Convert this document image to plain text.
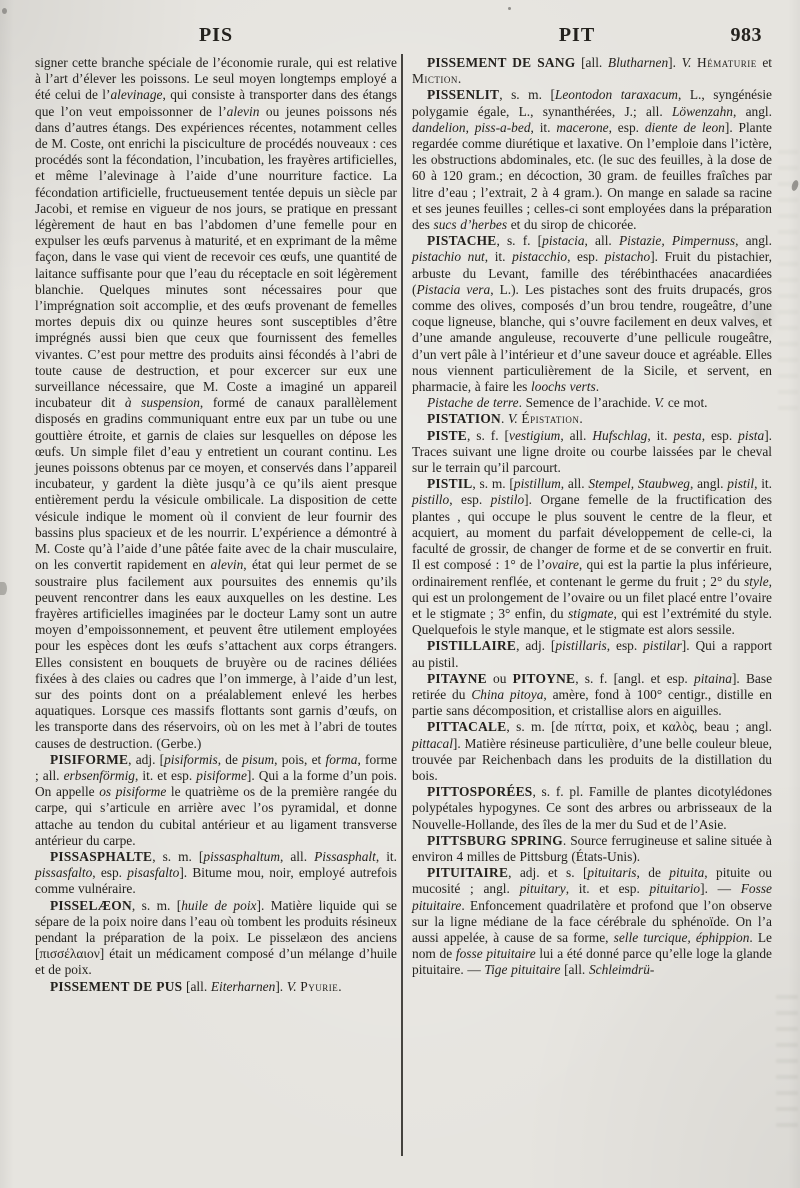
PIS	PIT	983

signer cette branche spéciale de l’économie rurale, qui est relative à l’art d’élever les poissons. Le seul moyen longtemps employé a été celui de l’alevinage, qui consiste à transporter dans des étangs que l’on veut empoissonner de l’alevin ou jeunes poissons nés dans d’autres étangs. Des expériences récentes, notamment celles de M. Coste, ont enrichi la pisciculture de procédés nouveaux : ces procédés sont la fécondation, l’incubation, les frayères artificielles, et même l’alevinage à l’aide d’une nourriture factice. La fécondation artificielle, fructueusement tentée depuis un siècle par Jacobi, et remise en vigueur de nos jours, se pratique en pressant légèrement de haut en bas l’abdomen d’une femelle pour en expulser les œufs parvenus à maturité, et en exprimant de la même façon, dans le vase qui vient de recevoir ces œufs, une quantité de laitance suffisante pour que l’eau du réceptacle en soit légèrement blanchie. Quelques minutes sont nécessaires pour que l’imprégnation soit accomplie, et des œufs provenant de femelles mortes depuis dix ou quinze heures sont susceptibles d’être imprégnés aussi bien que ceux que fournissent des femelles vivantes. C’est pour mettre des produits ainsi fécondés à l’abri de toute cause de destruction, et pour excercer sur eux une surveillance nécessaire, que M. Coste a imaginé un appareil incubateur dit à suspension, formé de canaux parallèlement disposés en gradins communiquant entre eux par un tube ou une gouttière étroite, et garnis de claies sur lesquelles on dépose les œufs. Un simple filet d’eau y entretient un courant continu. Les jeunes poissons obtenus par ce moyen, et conservés dans l’appareil incubateur, y gardent la diète jusqu’à ce qu’ils aient presque entièrement perdu la vésicule ombilicale. La disposition de cette vésicule indique le moment où il convient de leur fournir des bassins plus spacieux et de les nourrir. L’expérience a démontré à M. Coste qu’à l’aide d’une pâtée faite avec de la chair musculaire, on les convertit rapidement en alevin, état qui leur permet de se soustraire plus facilement aux poursuites des ennemis qu’ils peuvent rencontrer dans les eaux auxquelles on les destine. Les frayères artificielles imaginées par le docteur Lamy sont un autre moyen d’empoissonnement, et peuvent être utilement employées pour les espèces dont les œufs s’attachent aux corps étrangers. Elles consistent en bouquets de bruyère ou de racines déliées fixées à des claies ou cadres que l’on immerge, à l’aide d’un lest, sur des points dont on a préalablement enlevé les herbes aquatiques. Lorsque ces massifs flottants sont garnis d’œufs, on les transporte dans des réservoirs, où on les met à l’abri de toutes causes de destruction. (Gerbe.)

PISIFORME, adj. [pisiformis, de pisum, pois, et forma, forme ; all. erbsenförmig, it. et esp. pisiforme]. Qui a la forme d’un pois. On appelle os pisiforme le quatrième os de la première rangée du carpe, qui s’articule en arrière avec l’os pyramidal, et donne attache au tendon du cubital antérieur et au ligament transverse antérieur du carpe.

PISSASPHALTE, s. m. [pissasphaltum, all. Pissasphalt, it. pissasfalto, esp. pisasfalto]. Bitume mou, noir, employé autrefois comme vulnéraire.

PISSELÆON, s. m. [huile de poix]. Matière liquide qui se sépare de la poix noire dans l’eau où tombent les produits résineux pendant la préparation de la poix. Le pisselæon des anciens [πισσέλαιον] était un médicament composé d’un mélange d’huile et de poix.

PISSEMENT DE PUS [all. Eiterharnen]. V. Pyurie.

PISSEMENT DE SANG [all. Blutharnen]. V. Hématurie et Miction.

PISSENLIT, s. m. [Leontodon taraxacum, L., syngénésie polygamie égale, L., synanthérées, J.; all. Löwenzahn, angl. dandelion, piss-a-bed, it. macerone, esp. diente de leon]. Plante regardée comme diurétique et laxative. On l’emploie dans l’ictère, les obstructions abdominales, etc. (le suc des feuilles, à la dose de 60 à 120 gram.; en décoction, 30 gram. de feuilles fraîches par litre d’eau ; l’extrait, 2 à 4 gram.). On mange en salade sa racine et ses jeunes feuilles ; celles-ci sont employées dans la préparation des sucs d’herbes et du sirop de chicorée.

PISTACHE, s. f. [pistacia, all. Pistazie, Pimpernuss, angl. pistachio nut, it. pistacchio, esp. pistacho]. Fruit du pistachier, arbuste du Levant, famille des térébinthacées anacardiées (Pistacia vera, L.). Les pistaches sont des fruits drupacés, gros comme des olives, composés d’un brou tendre, rougeâtre, d’une coque ligneuse, blanche, qui s’ouvre facilement en deux valves, et d’une amande anguleuse, recouverte d’une pellicule rougeâtre, d’un vert pâle à l’intérieur et d’une saveur douce et agréable. Elles nous viennent particulièrement de la Sicile, et servent, en pharmacie, à faire les loochs verts.

Pistache de terre. Semence de l’arachide. V. ce mot.

PISTATION. V. Épistation.

PISTE, s. f. [vestigium, all. Hufschlag, it. pesta, esp. pista]. Traces suivant une ligne droite ou courbe laissées par le cheval sur le terrain qu’il parcourt.

PISTIL, s. m. [pistillum, all. Stempel, Staubweg, angl. pistil, it. pistillo, esp. pistilo]. Organe femelle de la fructification des plantes , qui occupe le plus souvent le centre de la fleur, et acquiert, au moment du parfait développement de celle-ci, la faculté de grossir, de changer de forme et de se convertir en fruit. Il est composé : 1° de l’ovaire, qui est la partie la plus inférieure, ordinairement renflée, et contenant le germe du fruit ; 2° du style, qui est un prolongement de l’ovaire ou un filet placé entre l’ovaire et le stigmate ; 3° enfin, du stigmate, qui est l’extrémité du style. Quelquefois le style manque, et le stigmate est alors sessile.

PISTILLAIRE, adj. [pistillaris, esp. pistilar]. Qui a rapport au pistil.

PITAYNE ou PITOYNE, s. f. [angl. et esp. pitaina]. Base retirée du China pitoya, amère, fond à 100° centigr., distille en partie sans décomposition, et cristallise alors en aiguilles.

PITTACALE, s. m. [de πίττα, poix, et καλὸς, beau ; angl. pittacal]. Matière résineuse particulière, d’une belle couleur bleue, trouvée par Reichenbach dans les produits de la distillation du bois.

PITTOSPORÉES, s. f. pl. Famille de plantes dicotylédones polypétales hypogynes. Ce sont des arbres ou arbrisseaux de la Nouvelle-Hollande, des îles de la mer du Sud et de l’Asie.

PITTSBURG SPRING. Source ferrugineuse et saline située à environ 4 milles de Pittsburg (États-Unis).

PITUITAIRE, adj. et s. [pituitaris, de pituita, pituite ou mucosité ; angl. pituitary, it. et esp. pituitario]. — Fosse pituitaire. Enfoncement quadrilatère et profond que l’on observe sur la ligne médiane de la face cérébrale du sphénoïde. On l’a aussi appelée, à cause de sa forme, selle turcique, éphippion. Le nom de fosse pituitaire lui a été donné parce qu’elle loge la glande pituitaire. — Tige pituitaire [all. Schleimdrü-
